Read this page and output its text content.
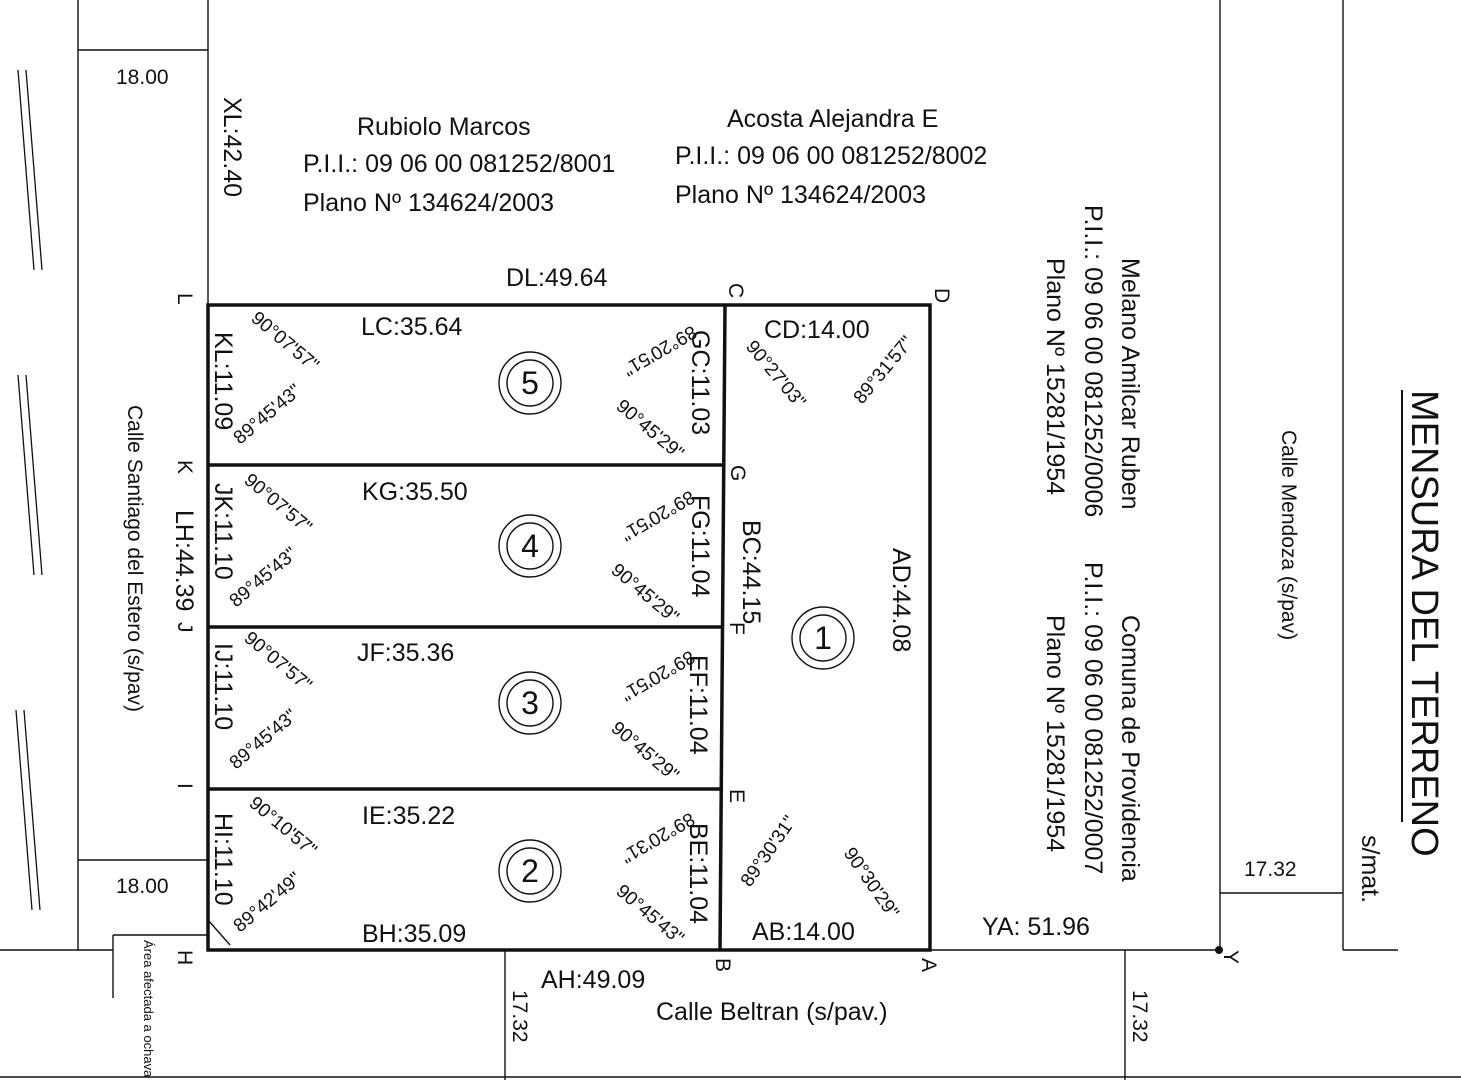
5
4
3
2
1	MENSURA DEL TERRENO
Calle Santiago del Estero (s/pav)	Calle Mendoza (s/pav)
Calle Beltran (s/pav.)
Rubiolo Marcos
P.I.I.: 09 06 00 081252/8001
Plano Nº 134624/2003
Acosta Alejandra E
P.I.I.: 09 06 00 081252/8002
Plano Nº 134624/2003
Melano Amilcar Ruben
P.I.I.: 09 06 00 081252/0006
Plano Nº 15281/1954
Comuna de Providencia
P.I.I.: 09 06 00 081252/0007
Plano Nº 15281/1954
L
K
J
I
H
C
G
F
E
B
D
A
Y
DL:49.64
LC:35.64	CD:14.00
KG:35.50
JF:35.36
IE:35.22
BH:35.09	AB:14.00
AH:49.09
YA: 51.96
18.00
18.00
17.32
XL:42.40
LH:44.39	AD:44.08
BC:44.15
KL:11.09
JK:11.10
IJ:11.10
HI:11.10
GC:11.03
FG:11.04
EF:11.04
BE:11.04
17.32	17.32
s/mat.
Área afectada a ochava
90°07'57"
89°45'43"
89°20'51"
90°45'29"
90°07'57"
89°45'43"
89°20'51"
90°45'29"
90°07'57"
89°45'43"
89°20'51"
90°45'29"
90°10'57"
89°42'49"
89°20'31"
90°45'43"
90°27'03" 89°31'57"
89°30'31" 90°30'29"
